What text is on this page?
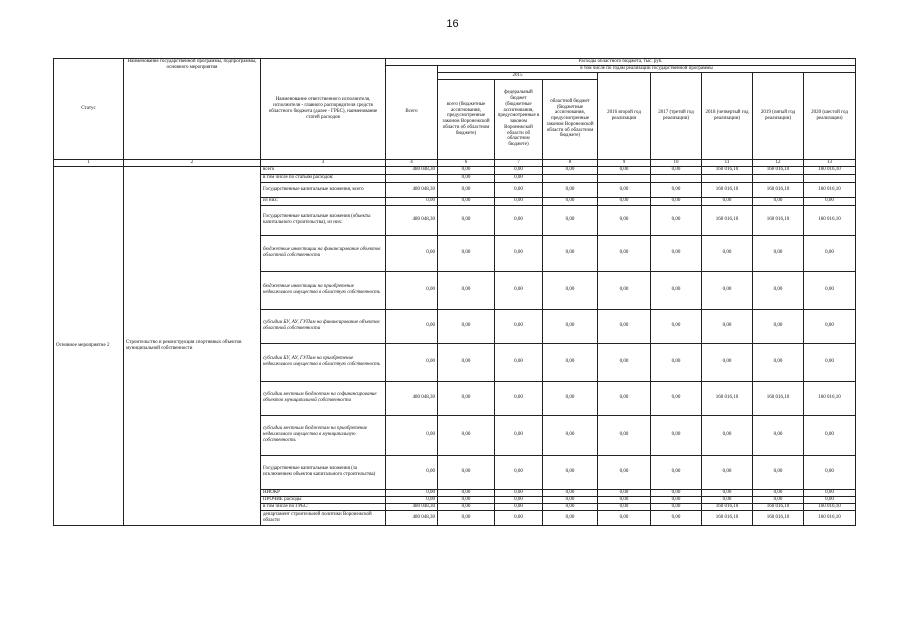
16
Статус	Наименование государственной программы, подпрограммы, основного мероприятия	Наименование ответственного исполнителя, исполнителя - главного распорядителя средств областного бюджета (далее - ГРБС), наименование статей расходов	Расходы областного бюджета, тыс. руб.								
			Всего	в том числе по годам реализации государственной программы							
				2015			2016 второй год реализации	2017 (третий год реализации)	2018 (четвертый год реализации)	2019 (пятый год реализации)	2020 (шестой год реализации)
				всего (бюджетные ассигнования, предусмотренные законом Воронежской области об областном бюджете)	федеральный бюджет (бюджетные ассигнования, предусмотренные в законом Воронежской области об областном бюджете)	областной бюджет (бюджетные ассигнования, предусмотренные законом Воронежской области об областном бюджете)					
1	2	3	4	6	7	8	9	10	11	12	13
Основное мероприятие 2	Строительство и реконструкция спортивных объектов муниципальной собственности	всего	480 048,30	0,00	0,00	0,00	0,00	0,00	160 016,10	160 016,10	160 016,10
		в том числе по статьям расходов:		0,00	0,00						
		Государственные капитальные вложения, всего	480 048,30	0,00	0,00	0,00	0,00	0,00	160 016,10	160 016,10	160 016,10
		из них:	0,00	0,00	0,00	0,00	0,00	0,00	0,00	0,00	0,00
		Государственные капитальные вложения (объекты капитального строительства), из них:	480 048,30	0,00	0,00	0,00	0,00	0,00	160 016,10	160 016,10	160 016,10
		бюджетные инвестиции на финансирование объектов областной собственности	0,00	0,00	0,00	0,00	0,00	0,00	0,00	0,00	0,00
		бюджетные инвестиции на приобретение недвижимого имущества в областную собственность	0,00	0,00	0,00	0,00	0,00	0,00	0,00	0,00	0,00
		субсидии БУ, АУ, ГУПам на финансирование объектов областной собственности	0,00	0,00	0,00	0,00	0,00	0,00	0,00	0,00	0,00
		субсидии БУ, АУ, ГУПам на приобретение недвижимого имущества в областную собственность	0,00	0,00	0,00	0,00	0,00	0,00	0,00	0,00	0,00
		субсидии местным бюджетам на софинансирование объектов муниципальной собственности	480 048,30	0,00	0,00	0,00	0,00	0,00	160 016,10	160 016,10	160 016,10
		субсидии местным бюджетам на приобретение недвижимого имущества в муниципальную собственность	0,00	0,00	0,00	0,00	0,00	0,00	0,00	0,00	0,00
		Государственные капитальные вложения (за исключением объектов капитального строительства)	0,00	0,00	0,00	0,00	0,00	0,00	0,00	0,00	0,00
		НИОКР	0,00	0,00	0,00	0,00	0,00	0,00	0,00	0,00	0,00
		ПРОЧИЕ расходы	0,00	0,00	0,00	0,00	0,00	0,00	0,00	0,00	0,00
		в том числе по ГРБС:	480 048,30	0,00	0,00	0,00	0,00	0,00	160 016,10	160 016,10	160 016,10
		департамент строительной политики Воронежской области	480 048,30	0,00	0,00	0,00	0,00	0,00	160 016,10	160 016,10	160 016,10
